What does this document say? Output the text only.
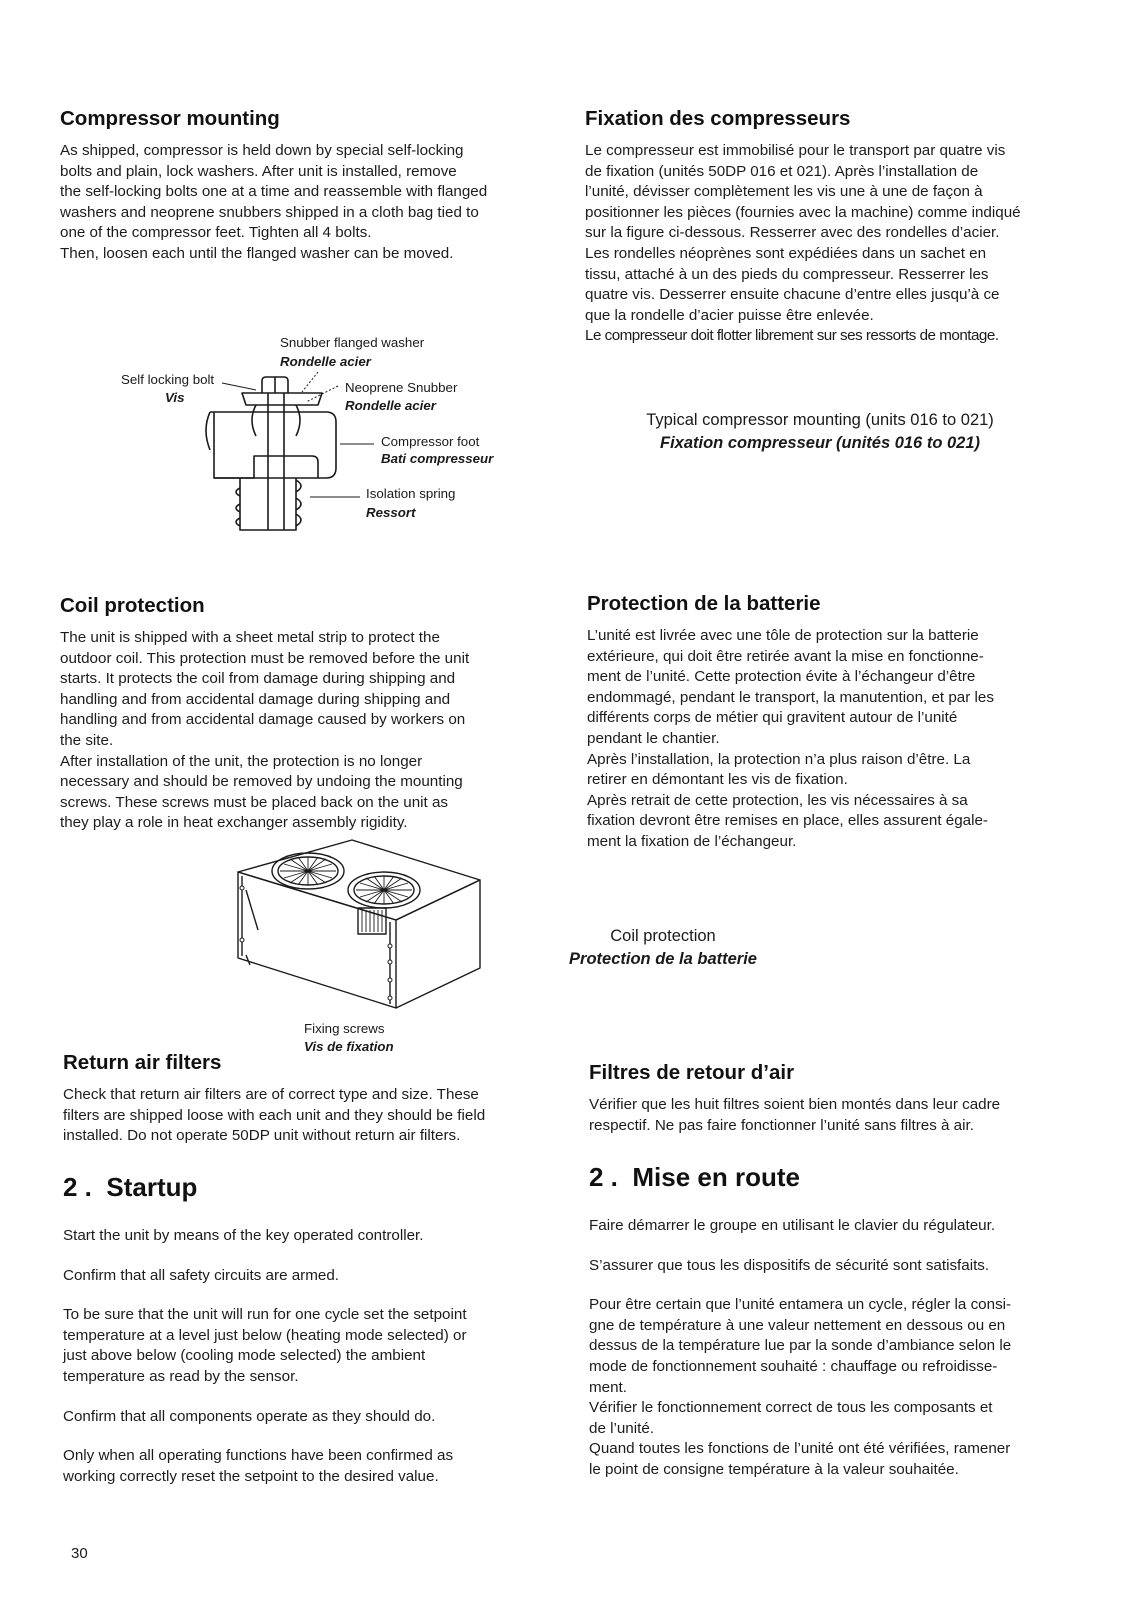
Compressor mounting
As shipped, compressor is held down by special self-locking
bolts and plain, lock washers. After unit is installed, remove
the self-locking bolts one at a time and reassemble with flanged
washers and neoprene snubbers shipped in a cloth bag tied to
one of the compressor feet. Tighten all 4 bolts.
Then, loosen each until the flanged washer can be moved.
Snubber flanged washer
Rondelle acier
Self locking bolt
Vis
Neoprene Snubber
Rondelle acier
Compressor foot
Bati compresseur
Isolation spring
Ressort
Coil protection
The unit is shipped with a sheet metal strip to protect the
outdoor coil. This protection must be removed before the unit
starts. It protects the coil from damage during shipping and
handling and from accidental damage during shipping and
handling and from accidental damage caused by workers on
the site.
After installation of the unit, the protection is no longer
necessary and should be removed by undoing the mounting
screws. These screws must be placed back on the unit as
they play a role in heat exchanger assembly rigidity.
Fixing screws
Vis de fixation
Return air filters
Check that return air filters are of correct type and size. These
filters are shipped loose with each unit and they should be field
installed. Do not operate 50DP unit without return air filters.
2 . Startup
Start the unit by means of the key operated controller.
Confirm that all safety circuits are armed.
To be sure that the unit will run for one cycle set the setpoint
temperature at a level just below (heating mode selected) or
just above below (cooling mode selected) the ambient
temperature as read by the sensor.
Confirm that all components operate as they should do.
Only when all operating functions have been confirmed as
working correctly reset the setpoint to the desired value.
Fixation des compresseurs
Le compresseur est immobilisé pour le transport par quatre vis
de fixation (unités 50DP 016 et 021). Après l’installation de
l’unité, dévisser complètement les vis une à une de façon à
positionner les pièces (fournies avec la machine) comme indiqué
sur la figure ci-dessous. Resserrer avec des rondelles d’acier.
Les rondelles néoprènes sont expédiées dans un sachet en
tissu, attaché à un des pieds du compresseur. Resserrer les
quatre vis. Desserrer ensuite chacune d’entre elles jusqu’à ce
que la rondelle d’acier puisse être enlevée.
Le compresseur doit flotter librement sur ses ressorts de montage.
Typical compressor mounting (units 016 to 021)
Fixation compresseur (unités 016 to 021)
Protection de la batterie
L’unité est livrée avec une tôle de protection sur la batterie
extérieure, qui doit être retirée avant la mise en fonctionne-
ment de l’unité. Cette protection évite à l’échangeur d’être
endommagé, pendant le transport, la manutention, et par les
différents corps de métier qui gravitent autour de l’unité
pendant le chantier.
Après l’installation, la protection n’a plus raison d’être. La
retirer en démontant les vis de fixation.
Après retrait de cette protection, les vis nécessaires à sa
fixation devront être remises en place, elles assurent égale-
ment la fixation de l’échangeur.
Coil protection
Protection de la batterie
Filtres de retour d’air
Vérifier que les huit filtres soient bien montés dans leur cadre
respectif. Ne pas faire fonctionner l’unité sans filtres à air.
2 . Mise en route
Faire démarrer le groupe en utilisant le clavier du régulateur.
S’assurer que tous les dispositifs de sécurité sont satisfaits.
Pour être certain que l’unité entamera un cycle, régler la consi-
gne de température à une valeur nettement en dessous ou en
dessus de la température lue par la sonde d’ambiance selon le
mode de fonctionnement souhaité : chauffage ou refroidisse-
ment.
Vérifier le fonctionnement correct de tous les composants et
de l’unité.
Quand toutes les fonctions de l’unité ont été vérifiées, ramener
le point de consigne température à la valeur souhaitée.
30
